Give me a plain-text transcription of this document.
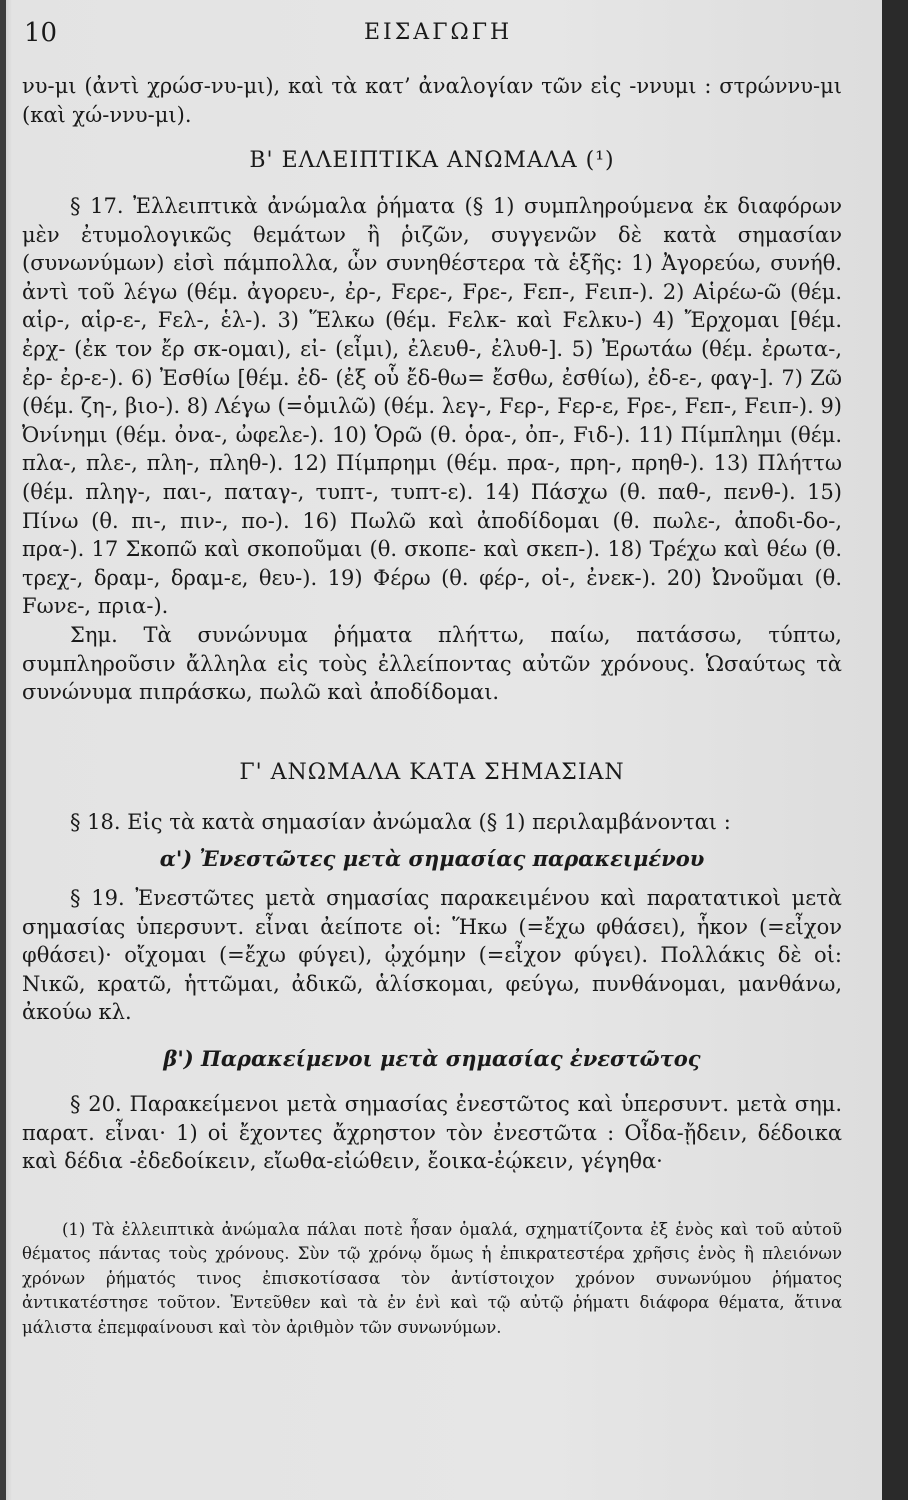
10	ΕΙΣΑΓΩΓΗ

νυ-μι (ἀντὶ χρώσ-νυ-μι), καὶ τὰ κατ’ ἀναλογίαν τῶν εἰς -ννυμι : στρώννυ-μι (καὶ χώ-ννυ-μι).

Β' ΕΛΛΕΙΠΤΙΚΑ ΑΝΩΜΑΛΑ (¹)

§ 17. Ἐλλειπτικὰ ἀνώμαλα ῥήματα (§ 1) συμπληρούμενα ἐκ διαφόρων μὲν ἐτυμολογικῶς θεμάτων ἢ ῥιζῶν, συγγενῶν δὲ κατὰ σημασίαν (συνωνύμων) εἰσὶ πάμπολλα, ὧν συνηθέστερα τὰ ἑξῆς: 1) Ἀγορεύω, συνήθ. ἀντὶ τοῦ λέγω (θέμ. ἀγορευ-, ἐρ-, Fερε-, Fρε-, Fεπ-, Fειπ-). 2) Αἱρέω-ῶ (θέμ. αἱρ-, αἱρ-ε-, Fελ-, ἑλ-). 3) Ἕλκω (θέμ. Fελκ- καὶ Fελκυ-) 4) Ἔρχομαι [θέμ. ἐρχ- (ἐκ τον ἔρ σκ-ομαι), εἰ- (εἶμι), ἐλευθ-, ἐλυθ-]. 5) Ἐρωτάω (θέμ. ἐρωτα-, ἐρ- ἐρ-ε-). 6) Ἐσθίω [θέμ. ἐδ- (ἐξ οὗ ἔδ-θω= ἔσθω, ἐσθίω), ἐδ-ε-, φαγ-]. 7) Ζῶ (θέμ. ζη-, βιο-). 8) Λέγω (=ὁμιλῶ) (θέμ. λεγ-, Fερ-, Fερ-ε, Fρε-, Fεπ-, Fειπ-). 9) Ὀνίνημι (θέμ. ὀνα-, ὠφελε-). 10) Ὁρῶ (θ. ὁρα-, ὀπ-, Fιδ-). 11) Πίμπλημι (θέμ. πλα-, πλε-, πλη-, πληθ-). 12) Πίμπρημι (θέμ. πρα-, πρη-, πρηθ-). 13) Πλήττω (θέμ. πληγ-, παι-, παταγ-, τυπτ-, τυπτ-ε). 14) Πάσχω (θ. παθ-, πενθ-). 15) Πίνω (θ. πι-, πιν-, πο-). 16) Πωλῶ καὶ ἀποδίδομαι (θ. πωλε-, ἀποδι-δο-, πρα-). 17 Σκοπῶ καὶ σκοποῦμαι (θ. σκοπε- καὶ σκεπ-). 18) Τρέχω καὶ θέω (θ. τρεχ-, δραμ-, δραμ-ε, θευ-). 19) Φέρω (θ. φέρ-, οἰ-, ἐνεκ-). 20) Ὠνοῦμαι (θ. Fωνε-, πρια-).

Σημ. Τὰ συνώνυμα ῥήματα πλήττω, παίω, πατάσσω, τύπτω, συμπληροῦσιν ἄλληλα εἰς τοὺς ἐλλείποντας αὐτῶν χρόνους. Ὡσαύτως τὰ συνώνυμα πιπράσκω, πωλῶ καὶ ἀποδίδομαι.

Γ' ΑΝΩΜΑΛΑ ΚΑΤΑ ΣΗΜΑΣΙΑΝ

§ 18. Εἰς τὰ κατὰ σημασίαν ἀνώμαλα (§ 1) περιλαμβάνονται :

α') Ἐνεστῶτες μετὰ σημασίας παρακειμένου

§ 19. Ἐνεστῶτες μετὰ σημασίας παρακειμένου καὶ παρατατικοὶ μετὰ σημασίας ὑπερσυντ. εἶναι ἀείποτε οἱ: Ἥκω (=ἔχω φθάσει), ἧκον (=εἶχον φθάσει)· οἴχομαι (=ἔχω φύγει), ᾠχόμην (=εἶχον φύγει). Πολλάκις δὲ οἱ: Νικῶ, κρατῶ, ἡττῶμαι, ἀδικῶ, ἁλίσκομαι, φεύγω, πυνθάνομαι, μανθάνω, ἀκούω κλ.

β') Παρακείμενοι μετὰ σημασίας ἐνεστῶτος

§ 20. Παρακείμενοι μετὰ σημασίας ἐνεστῶτος καὶ ὑπερσυντ. μετὰ σημ. παρατ. εἶναι· 1) οἱ ἔχοντες ἄχρηστον τὸν ἐνεστῶτα : Οἶδα-ᾔδειν, δέδοικα καὶ δέδια -ἐδεδοίκειν, εἴωθα-εἰώθειν, ἔοικα-ἐῴκειν, γέγηθα·

(1) Τὰ ἐλλειπτικὰ ἀνώμαλα πάλαι ποτὲ ἦσαν ὁμαλά, σχηματίζοντα ἐξ ἑνὸς καὶ τοῦ αὐτοῦ θέματος πάντας τοὺς χρόνους. Σὺν τῷ χρόνῳ ὅμως ἡ ἐπικρατεστέρα χρῆσις ἑνὸς ἢ πλειόνων χρόνων ῥήματός τινος ἐπισκοτίσασα τὸν ἀντίστοιχον χρόνον συνωνύμου ῥήματος ἀντικατέστησε τοῦτον. Ἐντεῦθεν καὶ τὰ ἐν ἑνὶ καὶ τῷ αὐτῷ ῥήματι διάφορα θέματα, ἅτινα μάλιστα ἐπεμφαίνουσι καὶ τὸν ἀριθμὸν τῶν συνωνύμων.
